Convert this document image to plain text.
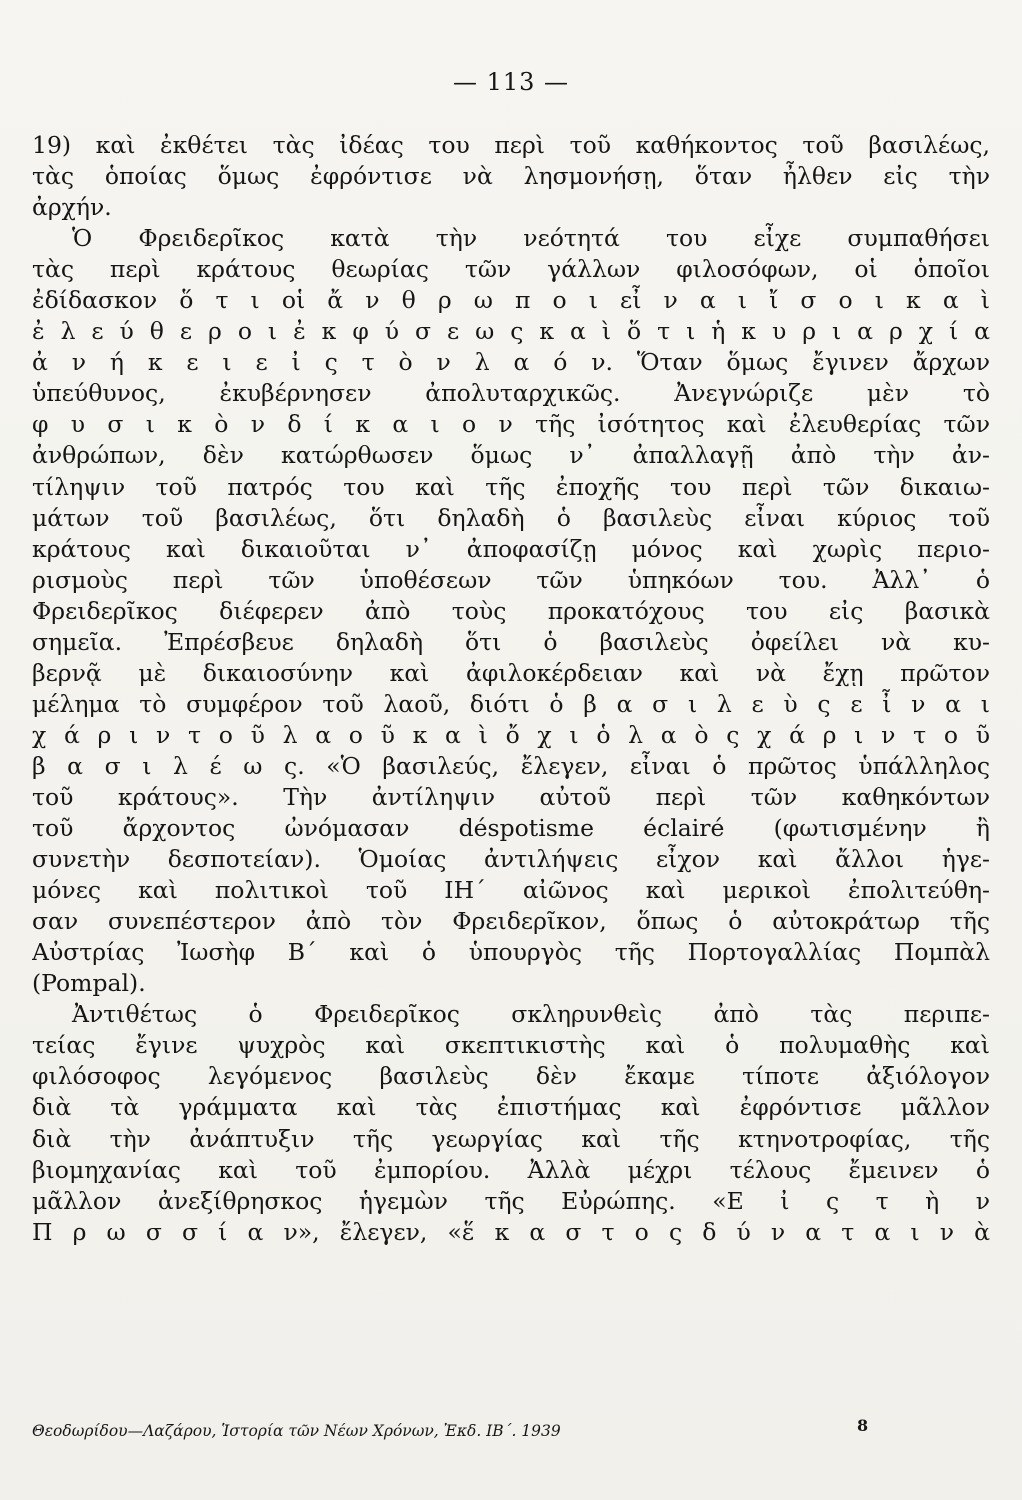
— 113 —
19) καὶ ἐκθέτει τὰς ἰδέας του περὶ τοῦ καθήκοντος τοῦ βασιλέως,
τὰς ὁποίας ὅμως ἐφρόντισε νὰ λησμονήσῃ, ὅταν ἦλθεν εἰς τὴν
ἀρχήν.
Ὁ Φρειδερῖκος κατὰ τὴν νεότητά του εἶχε συμπαθήσει
τὰς περὶ κράτους θεωρίας τῶν γάλλων φιλοσόφων, οἱ ὁποῖοι
ἐδίδασκον ὅ τ ι οἱ ἄ ν θ ρ ω π ο ι εἶ ν α ι ἴ σ ο ι κ α ὶ
ἐ λ ε ύ θ ε ρ ο ι ἐ κ φ ύ σ ε ω ς κ α ὶ ὅ τ ι ἡ κ υ ρ ι α ρ χ ί α
ἀ ν ή κ ε ι ε ἰ ς τ ὸ ν λ α ό ν. Ὅταν ὅμως ἔγινεν ἄρχων
ὑπεύθυνος, ἐκυβέρνησεν ἀπολυταρχικῶς. Ἀνεγνώριζε μὲν τὸ
φ υ σ ι κ ὸ ν δ ί κ α ι ο ν τῆς ἰσότητος καὶ ἐλευθερίας τῶν
ἀνθρώπων, δὲν κατώρθωσεν ὅμως ν᾽ ἀπαλλαγῇ ἀπὸ τὴν ἀν-
τίληψιν τοῦ πατρός του καὶ τῆς ἐποχῆς του περὶ τῶν δικαιω-
μάτων τοῦ βασιλέως, ὅτι δηλαδὴ ὁ βασιλεὺς εἶναι κύριος τοῦ
κράτους καὶ δικαιοῦται ν᾽ ἀποφασίζῃ μόνος καὶ χωρὶς περιο-
ρισμοὺς περὶ τῶν ὑποθέσεων τῶν ὑπηκόων του. Ἀλλ᾽ ὁ
Φρειδερῖκος διέφερεν ἀπὸ τοὺς προκατόχους του εἰς βασικὰ
σημεῖα. Ἐπρέσβευε δηλαδὴ ὅτι ὁ βασιλεὺς ὀφείλει νὰ κυ-
βερνᾷ μὲ δικαιοσύνην καὶ ἀφιλοκέρδειαν καὶ νὰ ἔχῃ πρῶτον
μέλημα τὸ συμφέρον τοῦ λαοῦ, διότι ὁ β α σ ι λ ε ὺ ς ε ἶ ν α ι
χ ά ρ ι ν τ ο ῦ λ α ο ῦ κ α ὶ ὄ χ ι ὁ λ α ὸ ς χ ά ρ ι ν τ ο ῦ
β α σ ι λ έ ω ς. «Ὁ βασιλεύς, ἔλεγεν, εἶναι ὁ πρῶτος ὑπάλληλος
τοῦ κράτους». Τὴν ἀντίληψιν αὐτοῦ περὶ τῶν καθηκόντων
τοῦ ἄρχοντος ὠνόμασαν déspotisme éclairé (φωτισμένην ἢ
συνετὴν δεσποτείαν). Ὁμοίας ἀντιλήψεις εἶχον καὶ ἄλλοι ἡγε-
μόνες καὶ πολιτικοὶ τοῦ ΙΗ´ αἰῶνος καὶ μερικοὶ ἐπολιτεύθη-
σαν συνεπέστερον ἀπὸ τὸν Φρειδερῖκον, ὅπως ὁ αὐτοκράτωρ τῆς
Αὐστρίας Ἰωσὴφ Β´ καὶ ὁ ὑπουργὸς τῆς Πορτογαλλίας Πομπὰλ
(Pompal).
Ἀντιθέτως ὁ Φρειδερῖκος σκληρυνθεὶς ἀπὸ τὰς περιπε-
τείας ἔγινε ψυχρὸς καὶ σκεπτικιστὴς καὶ ὁ πολυμαθὴς καὶ
φιλόσοφος λεγόμενος βασιλεὺς δὲν ἔκαμε τίποτε ἀξιόλογον
διὰ τὰ γράμματα καὶ τὰς ἐπιστήμας καὶ ἐφρόντισε μᾶλλον
διὰ τὴν ἀνάπτυξιν τῆς γεωργίας καὶ τῆς κτηνοτροφίας, τῆς
βιομηχανίας καὶ τοῦ ἐμπορίου. Ἀλλὰ μέχρι τέλους ἔμεινεν ὁ
μᾶλλον ἀνεξίθρησκος ἡγεμὼν τῆς Εὐρώπης. «Ε ἰ ς τ ὴ ν
Π ρ ω σ σ ί α ν», ἔλεγεν, «ἕ κ α σ τ ο ς δ ύ ν α τ α ι ν ὰ
Θεοδωρίδου—Λαζάρου, Ἱστορία τῶν Νέων Χρόνων, Ἐκδ. ΙΒ´. 1939	8
